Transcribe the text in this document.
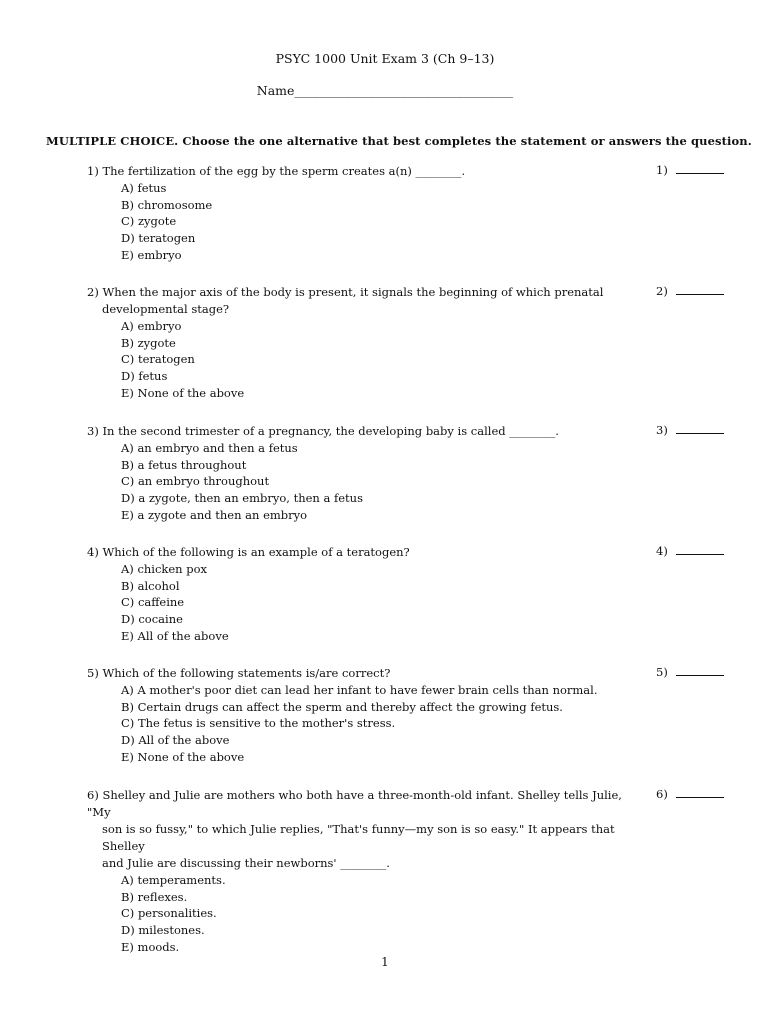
PSYC 1000 Unit Exam 3 (Ch 9–13)
Name___________________________________
MULTIPLE CHOICE. Choose the one alternative that best completes the statement or answers the question.
1) The fertilization of the egg by the sperm creates a(n) ________.
A) fetus
B) chromosome
C) zygote
D) teratogen
E) embryo
1)
2) When the major axis of the body is present, it signals the beginning of which prenatal
developmental stage?
A) embryo
B) zygote
C) teratogen
D) fetus
E) None of the above
2)
3) In the second trimester of a pregnancy, the developing baby is called ________.
A) an embryo and then a fetus
B) a fetus throughout
C) an embryo throughout
D) a zygote, then an embryo, then a fetus
E) a zygote and then an embryo
3)
4) Which of the following is an example of a teratogen?
A) chicken pox
B) alcohol
C) caffeine
D) cocaine
E) All of the above
4)
5) Which of the following statements is/are correct?
A) A mother's poor diet can lead her infant to have fewer brain cells than normal.
B) Certain drugs can affect the sperm and thereby affect the growing fetus.
C) The fetus is sensitive to the mother's stress.
D) All of the above
E) None of the above
5)
6) Shelley and Julie are mothers who both have a three-month-old infant. Shelley tells Julie, "My
son is so fussy," to which Julie replies, "That's funny—my son is so easy." It appears that Shelley
and Julie are discussing their newborns' ________.
A) temperaments.
B) reflexes.
C) personalities.
D) milestones.
E) moods.
6)
1
